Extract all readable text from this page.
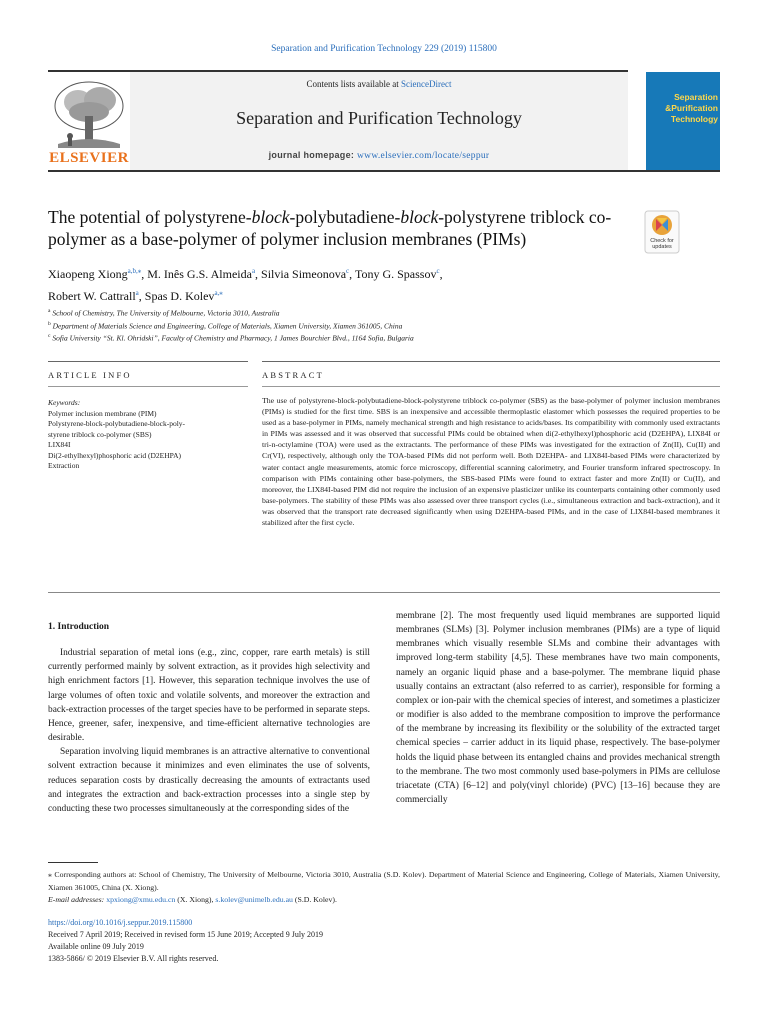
Separation and Purification Technology 229 (2019) 115800
ELSEVIER
Contents lists available at ScienceDirect
Separation and Purification Technology
journal homepage: www.elsevier.com/locate/seppur
Separation
&Purification
Technology
The potential of polystyrene-block-polybutadiene-block-polystyrene triblock co-polymer as a base-polymer of polymer inclusion membranes (PIMs)	Check for
updates
Xiaopeng Xiong$^{a,b,⁎}$, M. Inês G.S. Almeida$^a$, Silvia Simeonova$^c$, Tony G. Spassov$^c$,
Robert W. Cattrall$^a$, Spas D. Kolev$^{a,⁎}$
$^a$ School of Chemistry, The University of Melbourne, Victoria 3010, Australia
$^b$ Department of Materials Science and Engineering, College of Materials, Xiamen University, Xiamen 361005, China
$^c$ Sofia University “St. Kl. Ohridski”, Faculty of Chemistry and Pharmacy, 1 James Bourchier Blvd., 1164 Sofia, Bulgaria
ARTICLE INFO	ABSTRACT
Keywords:
Polymer inclusion membrane (PIM)
Polystyrene-block-polybutadiene-block-poly-
styrene triblock co-polymer (SBS)
LIX84I
Di(2-ethylhexyl)phosphoric acid (D2EHPA)
Extraction
The use of polystyrene-block-polybutadiene-block-polystyrene triblock co-polymer (SBS) as the base-polymer of polymer inclusion membranes (PIMs) is studied for the first time. SBS is an inexpensive and accessible thermoplastic elastomer which possesses the required properties to be used as a base-polymer in PIMs, namely mechanical strength and high resistance to acids/bases. Its compatibility with commonly used extractants in PIMs was assessed and it was observed that successful PIMs could be obtained when di(2-ethylhexyl)phosphoric acid (D2EHPA), LIX84I or tri-n-octylamine (TOA) were used as the extractants. The performance of these PIMs was investigated for the extraction of Zn(II), Cu(II) and Cr(VI), respectively, although only the TOA-based PIMs did not perform well. Both D2EHPA- and LIX84I-based PIMs were characterized by water contact angle measurements, atomic force microscopy, differential scanning calorimetry, and Fourier transform infrared spectroscopy. In comparison with PIMs containing other base-polymers, the SBS-based PIMs were found to extract faster and more Zn(II) or Cu(II), and moreover, the LIX84I-based PIM did not require the inclusion of an expensive plasticizer unlike its counterparts containing other commonly used base-polymers. The stability of these PIMs was also assessed over three transport cycles (i.e., simultaneous extraction and back-extraction), and it was observed that the transport rate decreased significantly when using D2EHPA-based PIMs, and in the case of LIX84I-based membranes it stabilized after the first cycle.

1. Introduction

Industrial separation of metal ions (e.g., zinc, copper, rare earth metals) is still currently performed mainly by solvent extraction, as it provides high selectivity and high enrichment factors [1]. However, this separation technique involves the use of large volumes of often toxic and volatile solvents, and moreover the extraction and back-extraction processes of the target species have to be performed in separate steps. Hence, greener, safer, inexpensive, and time-efficient alternative technologies are desirable.

Separation involving liquid membranes is an attractive alternative to conventional solvent extraction because it minimizes and even eliminates the use of solvents, reduces separation costs by drastically decreasing the amounts of extractants used and integrates the extraction and back-extraction processes into a single step by conducting these two processes simultaneously at the corresponding sides of the

membrane [2]. The most frequently used liquid membranes are supported liquid membranes (SLMs) [3]. Polymer inclusion membranes (PIMs) are a type of liquid membranes which visually resemble SLMs and combine their advantages with improved long-term stability [4,5]. These membranes have two main components, namely an organic liquid phase and a base-polymer. The membrane liquid phase usually contains an extractant (also referred to as carrier), responsible for forming a complex or ion-pair with the chemical species of interest, and sometimes a plasticizer or modifier is also added to the membrane composition to improve the performance of the membrane by increasing its flexibility or the solubility of the extracted target chemical species – carrier adduct in its liquid phase, respectively. The base-polymer holds the liquid phase between its entangled chains and provides mechanical strength to the membrane. The two most commonly used base-polymers in PIMs are cellulose triacetate (CTA) [6–12] and poly(vinyl chloride) (PVC) [13–16] because they are commercially

⁎ Corresponding authors at: School of Chemistry, The University of Melbourne, Victoria 3010, Australia (S.D. Kolev). Department of Material Science and Engineering, College of Materials, Xiamen University, Xiamen 361005, China (X. Xiong).
E-mail addresses: xpxiong@xmu.edu.cn (X. Xiong), s.kolev@unimelb.edu.au (S.D. Kolev).
https://doi.org/10.1016/j.seppur.2019.115800
Received 7 April 2019; Received in revised form 15 June 2019; Accepted 9 July 2019
Available online 09 July 2019
1383-5866/ © 2019 Elsevier B.V. All rights reserved.
